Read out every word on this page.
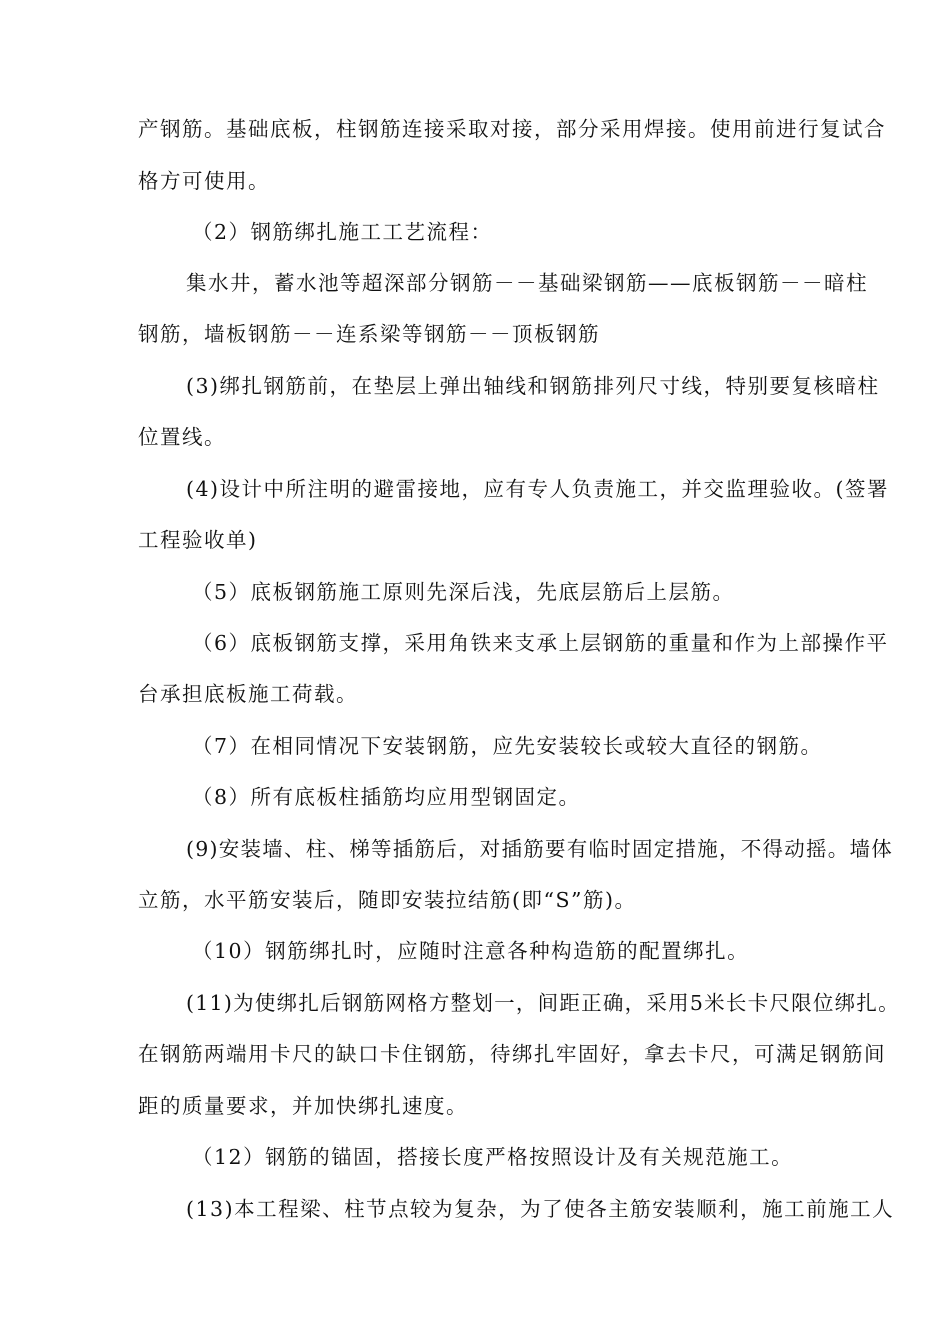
产钢筋。基础底板，柱钢筋连接采取对接，部分采用焊接。使用前进行复试合
格方可使用。
（2）钢筋绑扎施工工艺流程：
集水井，蓄水池等超深部分钢筋－－基础梁钢筋——底板钢筋－－暗柱
钢筋，墙板钢筋－－连系梁等钢筋－－顶板钢筋
(3)绑扎钢筋前，在垫层上弹出轴线和钢筋排列尺寸线，特别要复核暗柱
位置线。
(4)设计中所注明的避雷接地，应有专人负责施工，并交监理验收。(签署
工程验收单)
（5）底板钢筋施工原则先深后浅，先底层筋后上层筋。
（6）底板钢筋支撑，采用角铁来支承上层钢筋的重量和作为上部操作平
台承担底板施工荷载。
（7）在相同情况下安装钢筋，应先安装较长或较大直径的钢筋。
（8）所有底板柱插筋均应用型钢固定。
(9)安装墙、柱、梯等插筋后，对插筋要有临时固定措施，不得动摇。墙体
立筋，水平筋安装后，随即安装拉结筋(即“S”筋)。
（10）钢筋绑扎时，应随时注意各种构造筋的配置绑扎。
(11)为使绑扎后钢筋网格方整划一，间距正确，采用5米长卡尺限位绑扎。
在钢筋两端用卡尺的缺口卡住钢筋，待绑扎牢固好，拿去卡尺，可满足钢筋间
距的质量要求，并加快绑扎速度。
（12）钢筋的锚固，搭接长度严格按照设计及有关规范施工。
(13)本工程梁、柱节点较为复杂，为了使各主筋安装顺利，施工前施工人
